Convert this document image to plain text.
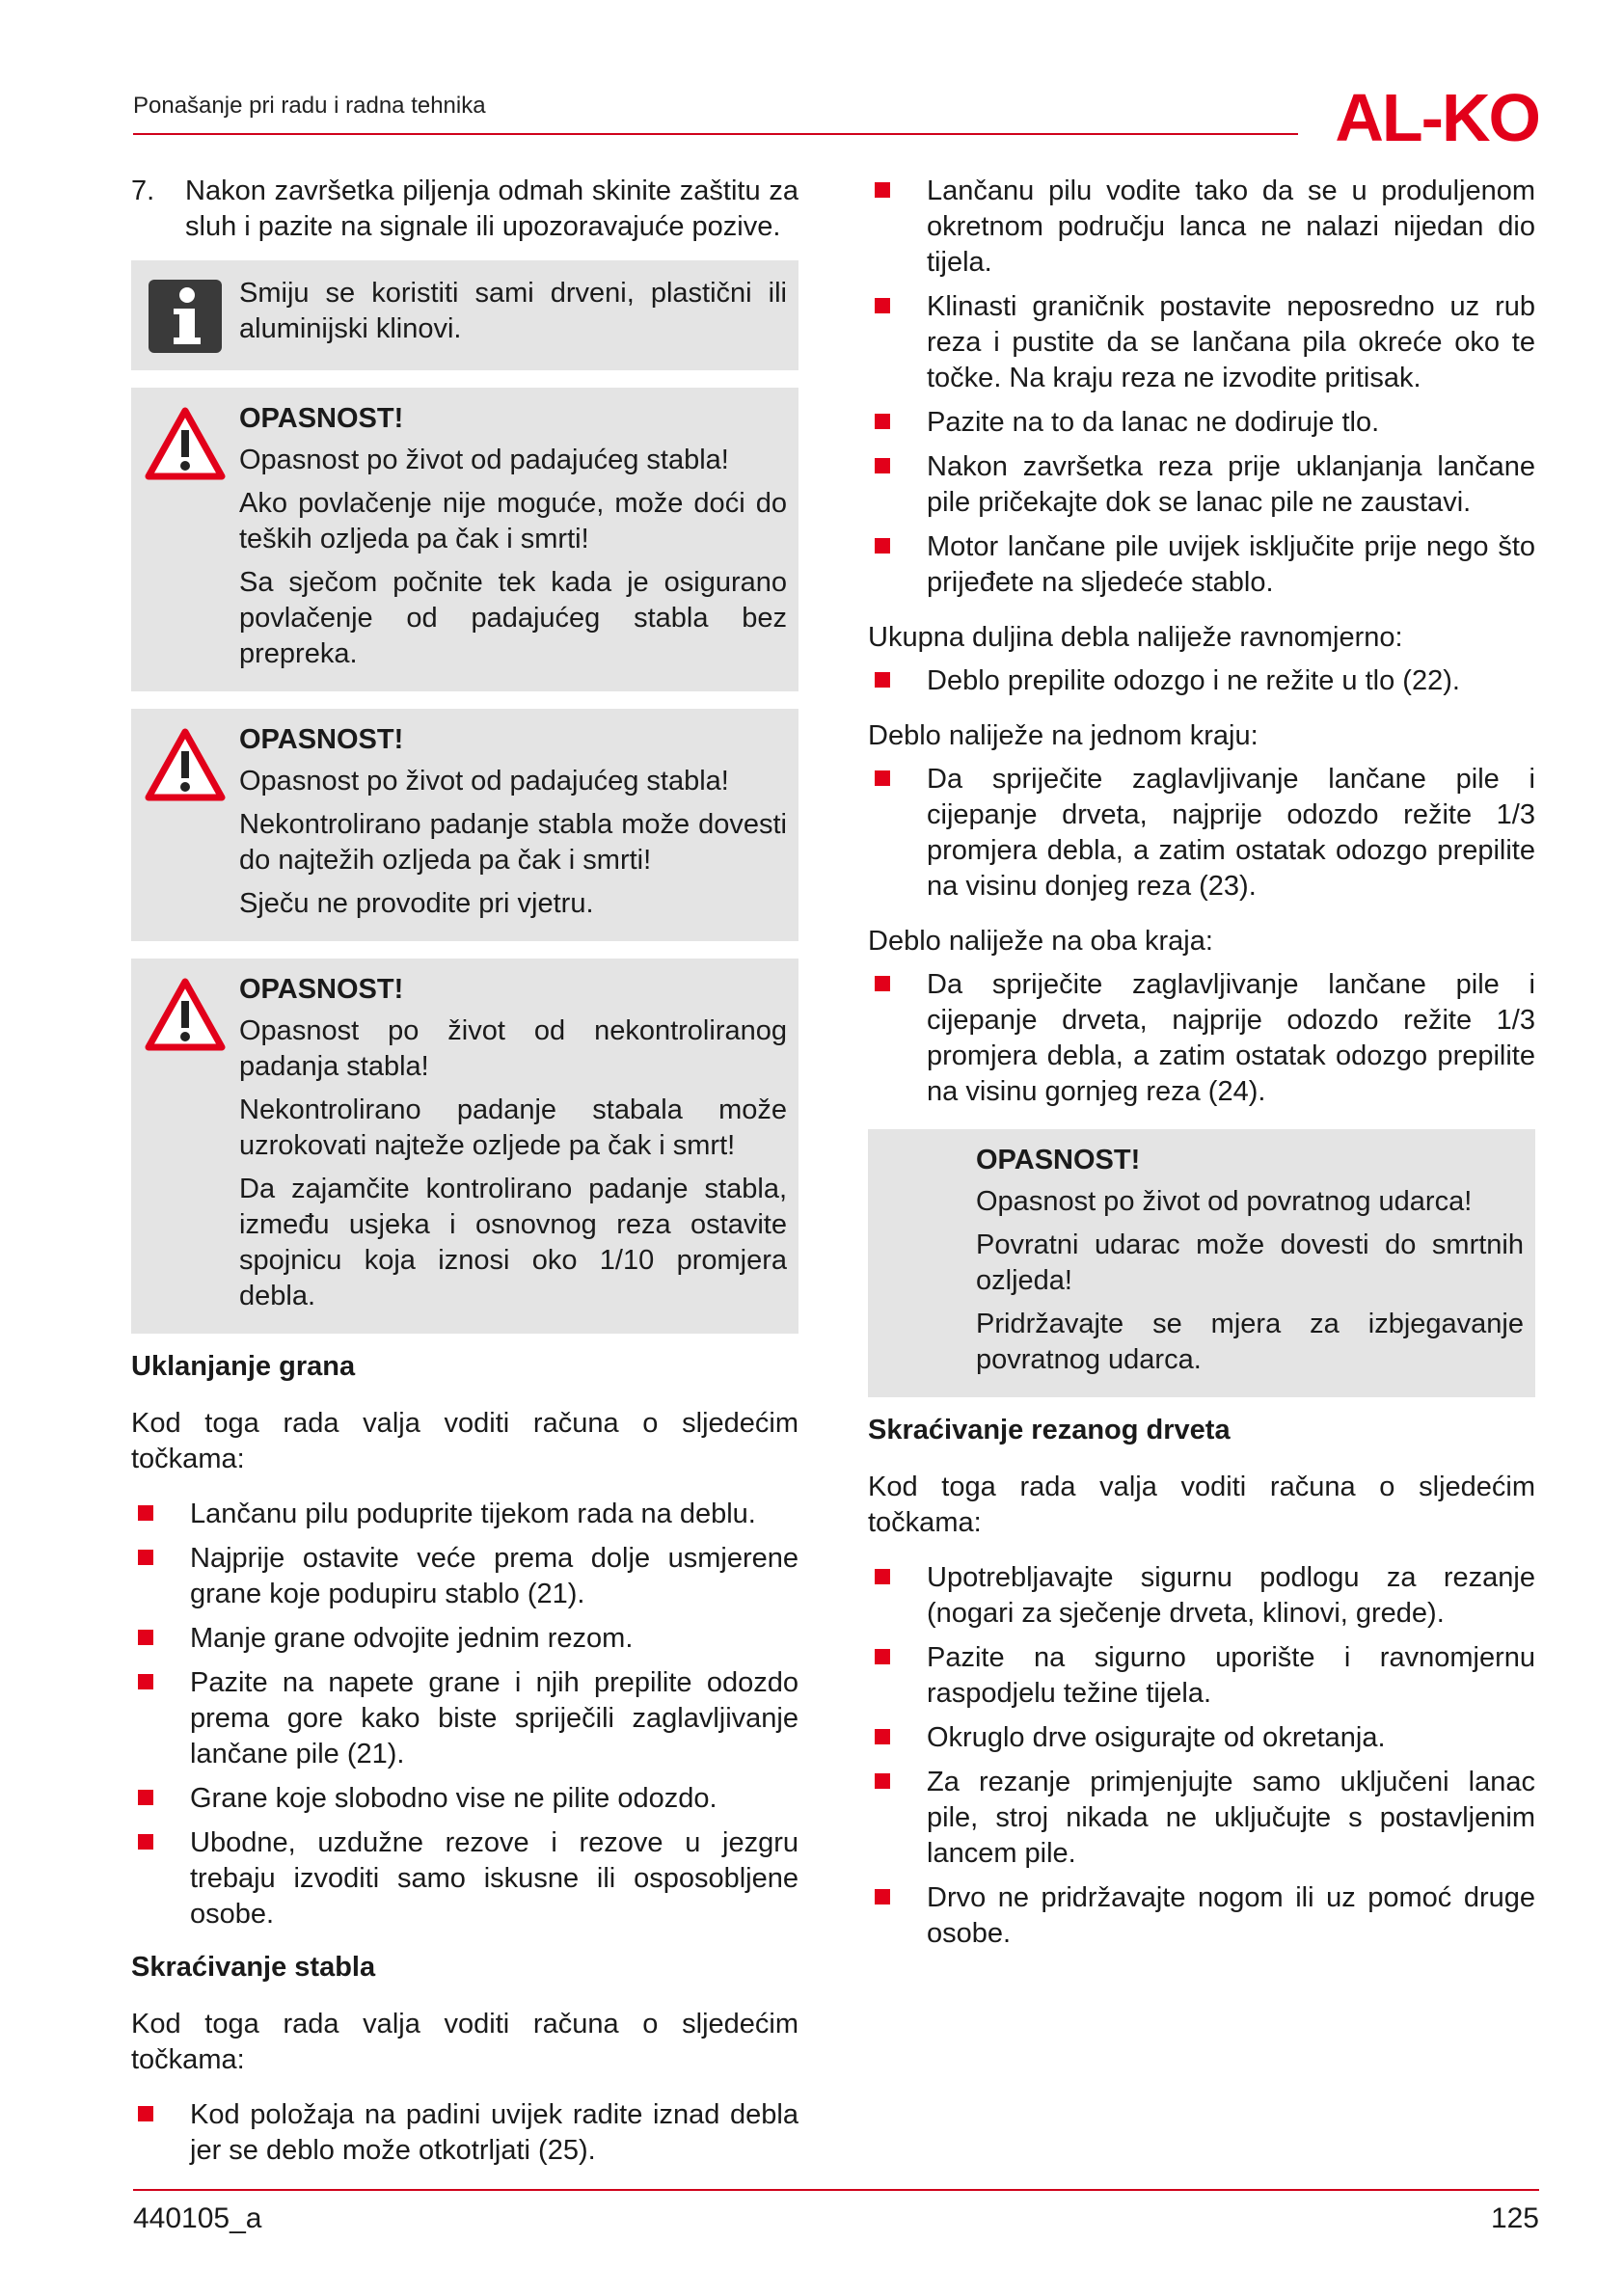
Ponašanje pri radu i radna tehnika	AL-KO
7.	Nakon završetka piljenja odmah skinite zaštitu za sluh i pazite na signale ili upozoravajuće pozive.

Smiju se koristiti sami drveni, plastični ili aluminijski klinovi.

OPASNOST!

Opasnost po život od padajućeg stabla!

Ako povlačenje nije moguće, može doći do teških ozljeda pa čak i smrti!

Sa sječom počnite tek kada je osigurano povlačenje od padajućeg stabla bez prepreka.

OPASNOST!

Opasnost po život od padajućeg stabla!

Nekontrolirano padanje stabla može dovesti do najtežih ozljeda pa čak i smrti!

Sječu ne provodite pri vjetru.

OPASNOST!

Opasnost po život od nekontroliranog padanja stabla!

Nekontrolirano padanje stabala može uzrokovati najteže ozljede pa čak i smrt!

Da zajamčite kontrolirano padanje stabla, između usjeka i osnovnog reza ostavite spojnicu koja iznosi oko 1/10 promjera debla.

Uklanjanje grana

Kod toga rada valja voditi računa o sljedećim točkama:

Lančanu pilu poduprite tijekom rada na deblu.
Najprije ostavite veće prema dolje usmjerene grane koje podupiru stablo (21).
Manje grane odvojite jednim rezom.
Pazite na napete grane i njih prepilite odozdo prema gore kako biste spriječili zaglavljivanje lančane pile (21).
Grane koje slobodno vise ne pilite odozdo.
Ubodne, uzdužne rezove i rezove u jezgru trebaju izvoditi samo iskusne ili osposobljene osobe.
Skraćivanje stabla

Kod toga rada valja voditi računa o sljedećim točkama:

Kod položaja na padini uvijek radite iznad debla jer se deblo može otkotrljati (25).
Lančanu pilu vodite tako da se u produljenom okretnom području lanca ne nalazi nijedan dio tijela.
Klinasti graničnik postavite neposredno uz rub reza i pustite da se lančana pila okreće oko te točke. Na kraju reza ne izvodite pritisak.
Pazite na to da lanac ne dodiruje tlo.
Nakon završetka reza prije uklanjanja lančane pile pričekajte dok se lanac pile ne zaustavi.
Motor lančane pile uvijek isključite prije nego što prijeđete na sljedeće stablo.

Ukupna duljina debla naliježe ravnomjerno:

Deblo prepilite odozgo i ne režite u tlo (22).

Deblo naliježe na jednom kraju:

Da spriječite zaglavljivanje lančane pile i cijepanje drveta, najprije odozdo režite 1/3 promjera debla, a zatim ostatak odozgo prepilite na visinu donjeg reza (23).

Deblo naliježe na oba kraja:

Da spriječite zaglavljivanje lančane pile i cijepanje drveta, najprije odozdo režite 1/3 promjera debla, a zatim ostatak odozgo prepilite na visinu gornjeg reza (24).
OPASNOST!

Opasnost po život od povratnog udarca!

Povratni udarac može dovesti do smrtnih ozljeda!

Pridržavajte se mjera za izbjegavanje povratnog udarca.

Skraćivanje rezanog drveta

Kod toga rada valja voditi računa o sljedećim točkama:

Upotrebljavajte sigurnu podlogu za rezanje (nogari za sječenje drveta, klinovi, grede).
Pazite na sigurno uporište i ravnomjernu raspodjelu težine tijela.
Okruglo drve osigurajte od okretanja.
Za rezanje primjenjujte samo uključeni lanac pile, stroj nikada ne uključujte s postavljenim lancem pile.
Drvo ne pridržavajte nogom ili uz pomoć druge osobe.
440105_a	125
